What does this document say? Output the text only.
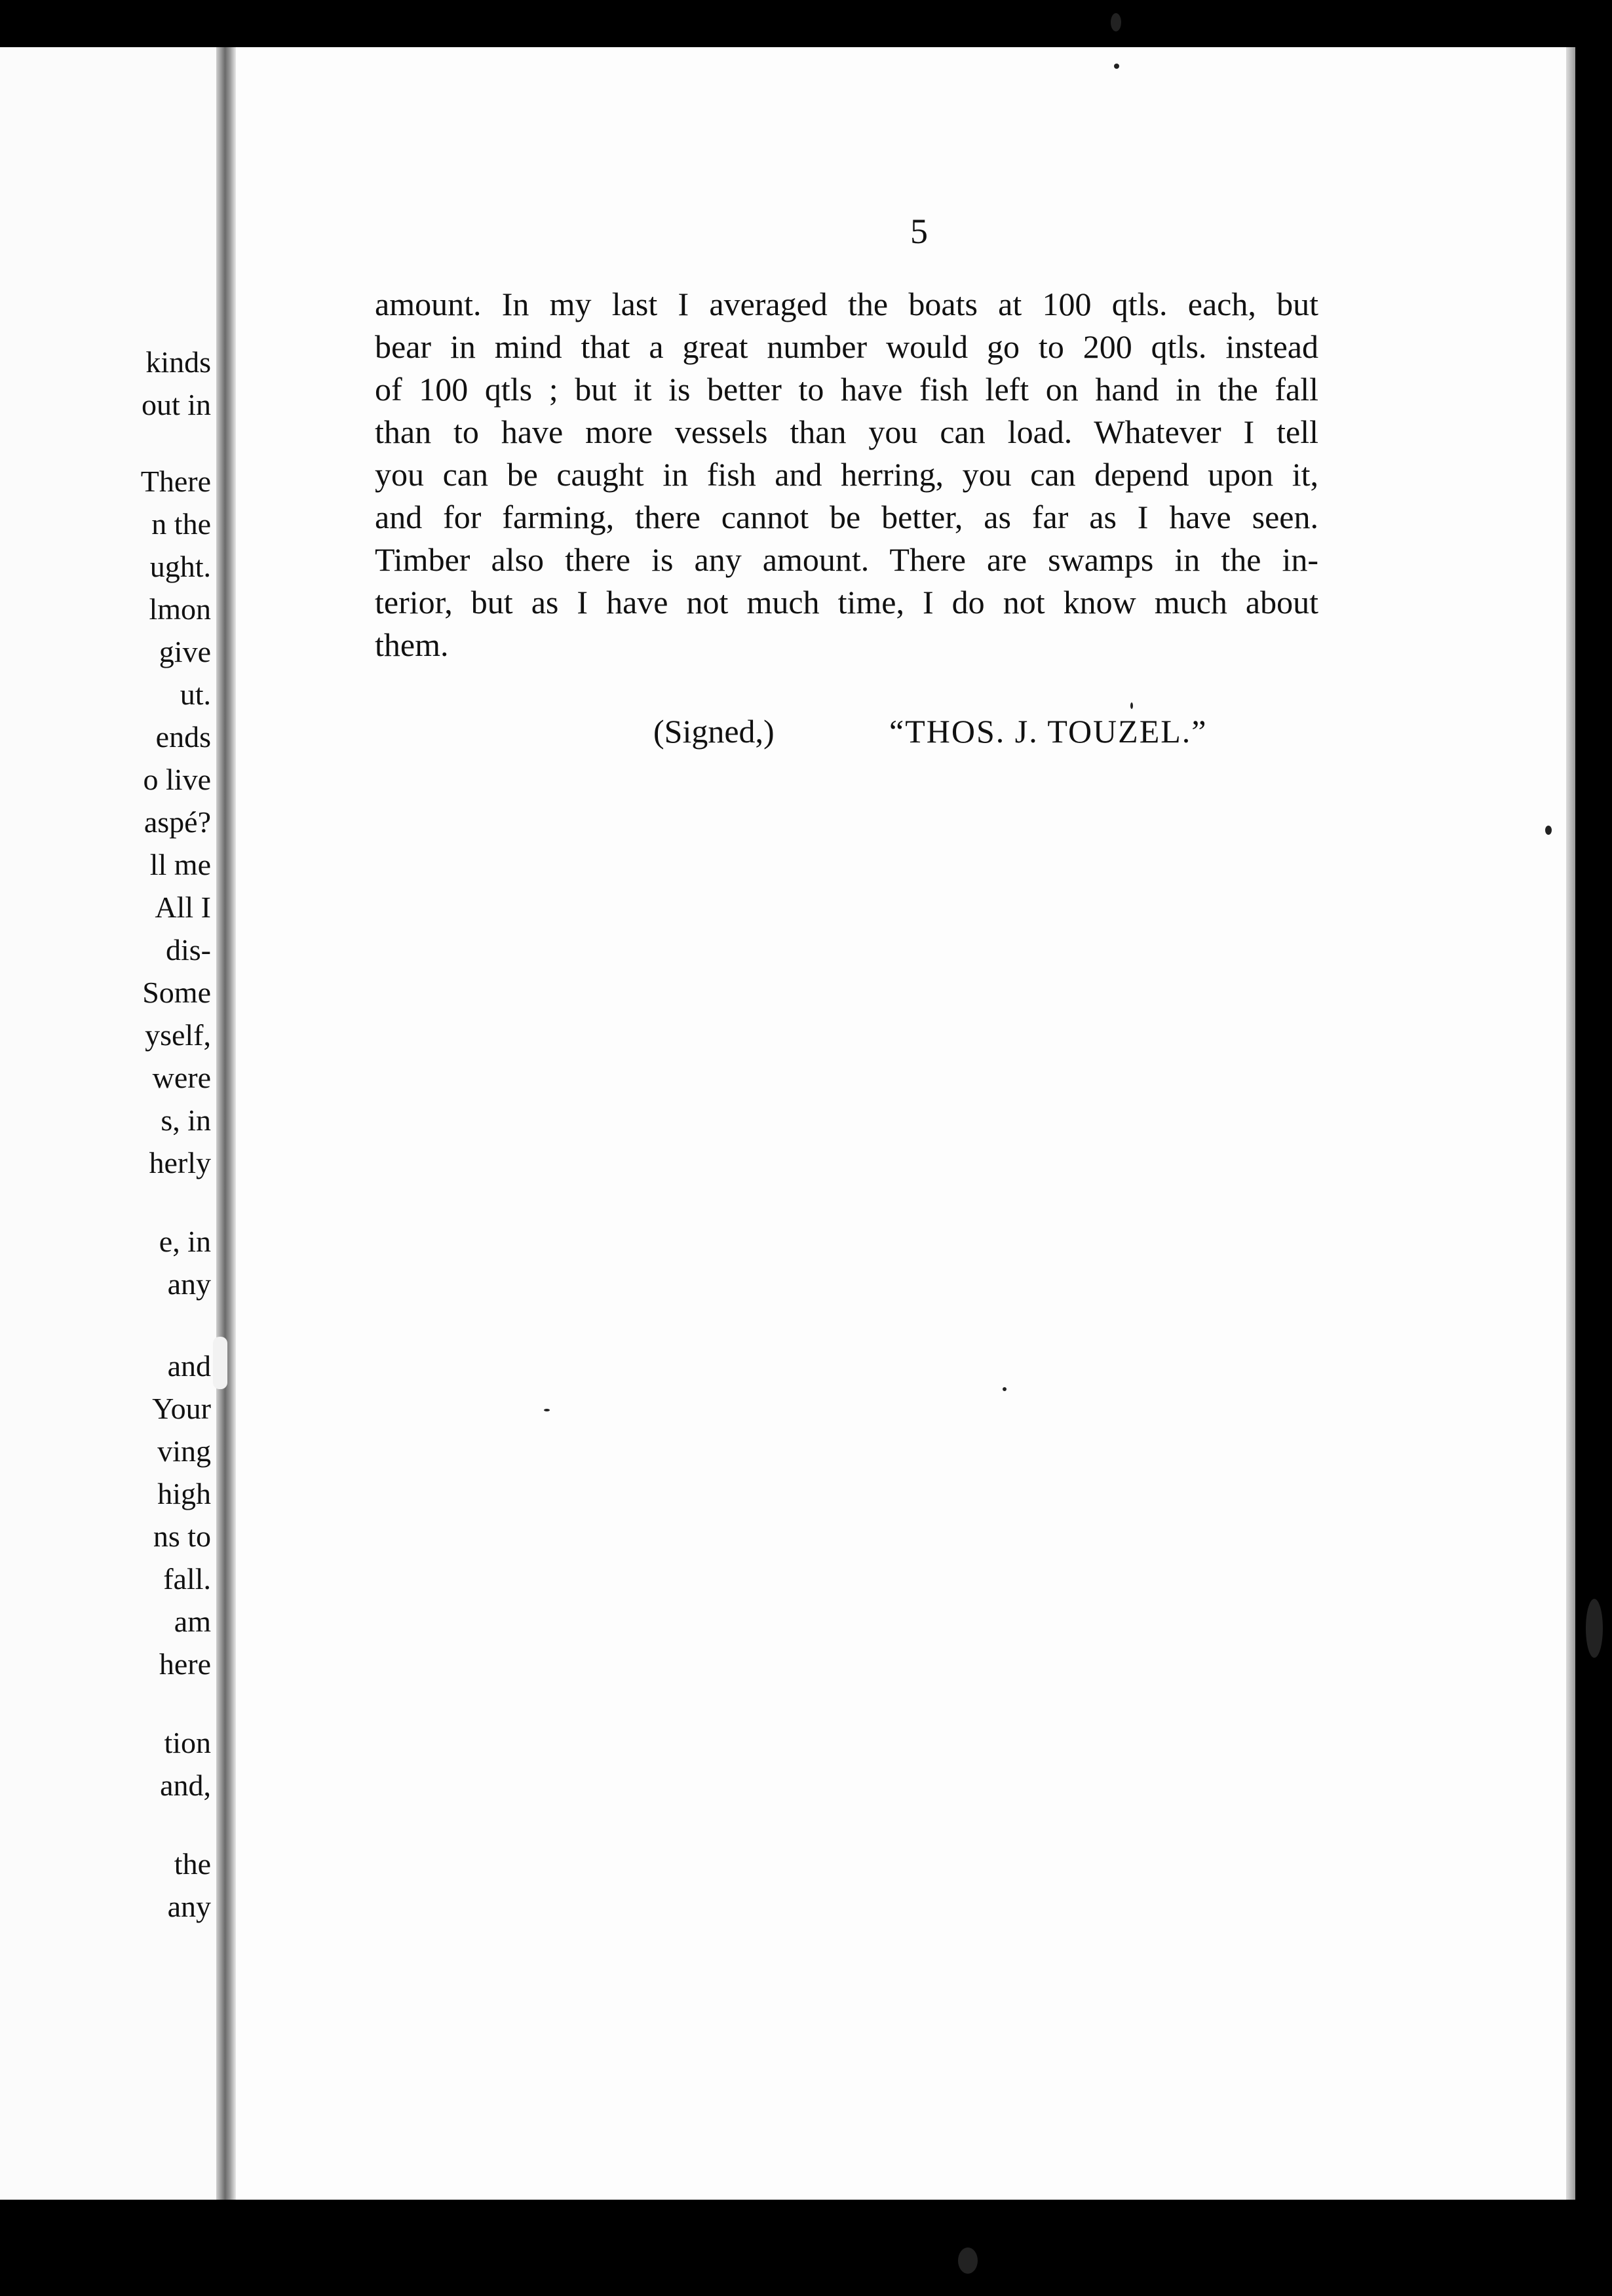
kinds
out in
There
n the
ught.
lmon
give
ut.
ends
o live
aspé?
ll me
All I
dis-
Some
yself,
were
s, in
herly
e, in
any
and
Your
ving
high
ns to
fall.
am
here
tion
and,
the
any
5
amount. In my last I averaged the boats at 100 qtls. each, but
bear in mind that a great number would go to 200 qtls. instead
of 100 qtls ; but it is better to have fish left on hand in the fall
than to have more vessels than you can load. Whatever I tell
you can be caught in fish and herring, you can depend upon it,
and for farming, there cannot be better, as far as I have seen.
Timber also there is any amount. There are swamps in the in-
terior, but as I have not much time, I do not know much about
them.
(Signed,)	“THOS. J. TOUZEL.”
